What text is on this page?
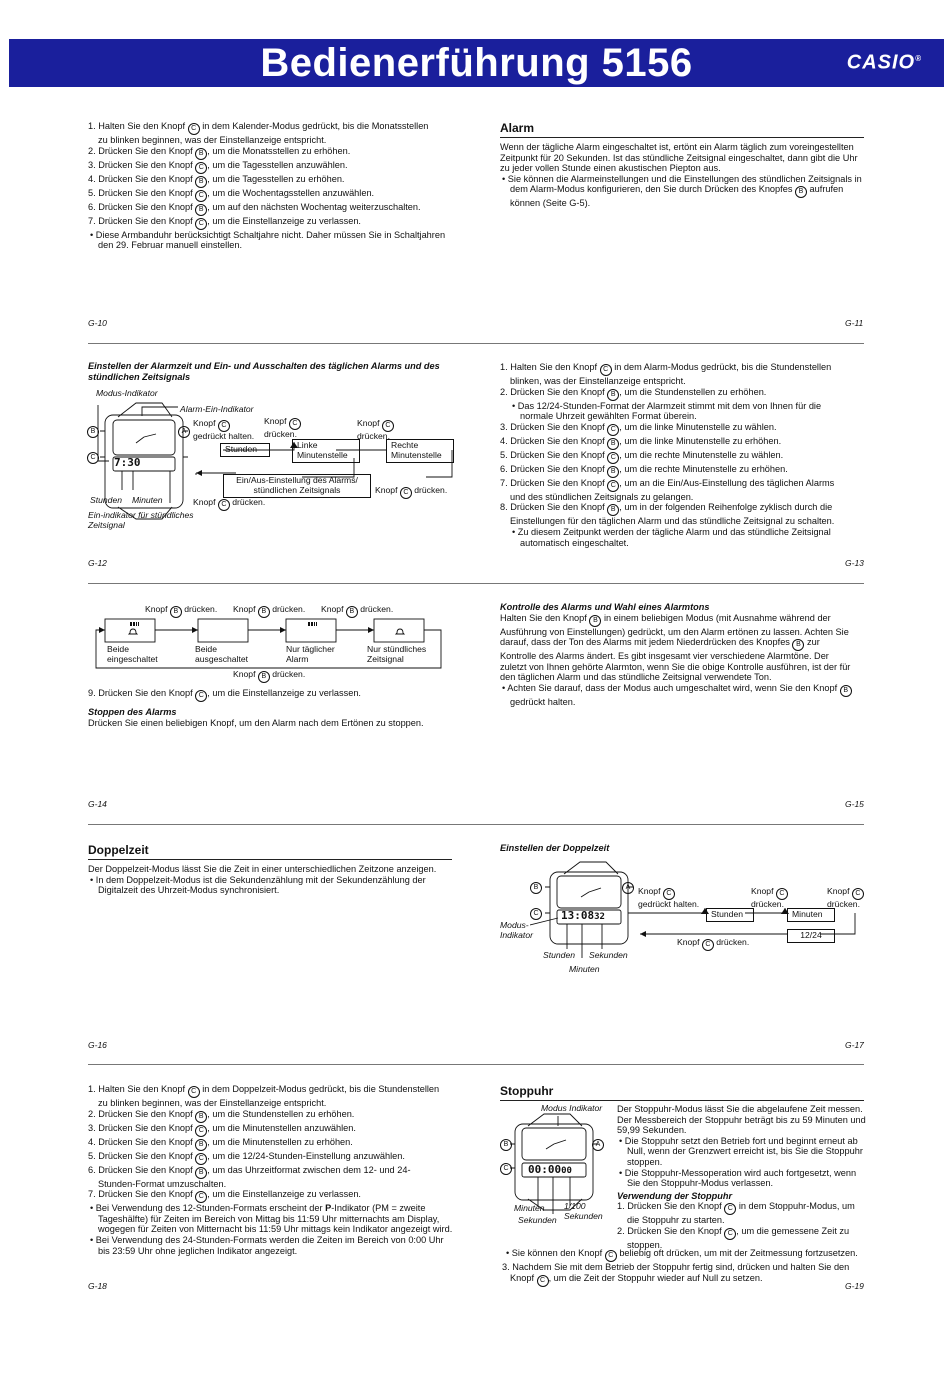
Bedienerführung 5156	CASIO®
1. Halten Sie den Knopf C in dem Kalender-Modus gedrückt, bis die Monatsstellen
zu blinken beginnen, was der Einstellanzeige entspricht.
2. Drücken Sie den Knopf B , um die Monatsstellen zu erhöhen.
3. Drücken Sie den Knopf C , um die Tagesstellen anzuwählen.
4. Drücken Sie den Knopf B , um die Tagesstellen zu erhöhen.
5. Drücken Sie den Knopf C , um die Wochentagsstellen anzuwählen.
6. Drücken Sie den Knopf B , um auf den nächsten Wochentag weiterzuschalten.
7. Drücken Sie den Knopf C , um die Einstellanzeige zu verlassen.

• Diese Armbanduhr berücksichtigt Schaltjahre nicht. Daher müssen Sie in Schaltjahren den 29. Februar manuell einstellen.

G-10
Alarm

Wenn der tägliche Alarm eingeschaltet ist, ertönt ein Alarm täglich zum voreingestellten Zeitpunkt für 20 Sekunden. Ist das stündliche Zeitsignal eingeschaltet, dann gibt die Uhr zu jeder vollen Stunde einen akustischen Piepton aus.

• Sie können die Alarmeinstellungen und die Einstellungen des stündlichen Zeitsignals in dem Alarm-Modus konfigurieren, den Sie durch Drücken des Knopfes B aufrufen können (Seite G-5).

G-11
Einstellen der Alarmzeit und Ein- und Ausschalten des täglichen Alarms und des stündlichen Zeitsignals
Modus-Indikator
Alarm-Ein-Indikator
B
C
A
7:30
Knopf C
gedrückt halten.
Knopf C
drücken.
Knopf C
drücken.
Stunden	Linke
Minutenstelle
Rechte
Minutenstelle
Ein/Aus-Einstellung des Alarms/
stündlichen Zeitsignals	Knopf C drücken.
Knopf C drücken.
Stunden Minuten
Ein-indikator für stündliches
Zeitsignal
G-12
1. Halten Sie den Knopf C in dem Alarm-Modus gedrückt, bis die Stundenstellen
blinken, was der Einstellanzeige entspricht.
2. Drücken Sie den Knopf B , um die Stundenstellen zu erhöhen.

• Das 12/24-Stunden-Format der Alarmzeit stimmt mit dem von Ihnen für die
normale Uhrzeit gewählten Format überein.

3. Drücken Sie den Knopf C , um die linke Minutenstelle zu wählen.
4. Drücken Sie den Knopf B , um die linke Minutenstelle zu erhöhen.
5. Drücken Sie den Knopf C , um die rechte Minutenstelle zu wählen.
6. Drücken Sie den Knopf B , um die rechte Minutenstelle zu erhöhen.
7. Drücken Sie den Knopf C , um an die Ein/Aus-Einstellung des täglichen Alarms
und des stündlichen Zeitsignals zu gelangen.
8. Drücken Sie den Knopf B , um in der folgenden Reihenfolge zyklisch durch die
Einstellungen für den täglichen Alarm und das stündliche Zeitsignal zu schalten.

• Zu diesem Zeitpunkt werden der tägliche Alarm und das stündliche Zeitsignal
automatisch eingeschaltet.

G-13
Knopf B drücken. Knopf B drücken. Knopf B drücken.
Beide
eingeschaltet
Beide
ausgeschaltet
Nur täglicher
Alarm
Nur stündliches
Zeitsignal
Knopf B drücken.
9. Drücken Sie den Knopf C , um die Einstellanzeige zu verlassen.
Stoppen des Alarms
Drücken Sie einen beliebigen Knopf, um den Alarm nach dem Ertönen zu stoppen.
G-14
Kontrolle des Alarms und Wahl eines Alarmtons

Halten Sie den Knopf B in einem beliebigen Modus (mit Ausnahme während der Ausführung von Einstellungen) gedrückt, um den Alarm ertönen zu lassen. Achten Sie darauf, dass der Ton des Alarms mit jedem Niederdrücken des Knopfes B zur Kontrolle des Alarms ändert. Es gibt insgesamt vier verschiedene Alarmtöne. Der zuletzt von Ihnen gehörte Alarmton, wenn Sie die obige Kontrolle ausführen, ist der für den täglichen Alarm und das stündliche Zeitsignal verwendete Ton.

• Achten Sie darauf, dass der Modus auch umgeschaltet wird, wenn Sie den Knopf B gedrückt halten.

G-15
Doppelzeit

Der Doppelzeit-Modus lässt Sie die Zeit in einer unterschiedlichen Zeitzone anzeigen.

• In dem Doppelzeit-Modus ist die Sekundenzählung mit der Sekundenzählung der Digitalzeit des Uhrzeit-Modus synchronisiert.

G-16
Einstellen der Doppelzeit
B
C
A
13:0832
Knopf C
gedrückt halten.
Knopf C
drücken.
Knopf C
drücken.
Stunden	Minuten
12/24
Knopf C drücken.
Modus-
Indikator
Stunden Sekunden
Minuten
G-17
1. Halten Sie den Knopf C in dem Doppelzeit-Modus gedrückt, bis die Stundenstellen
zu blinken beginnen, was der Einstellanzeige entspricht.
2. Drücken Sie den Knopf B , um die Stundenstellen zu erhöhen.
3. Drücken Sie den Knopf C , um die Minutenstellen anzuwählen.
4. Drücken Sie den Knopf B , um die Minutenstellen zu erhöhen.
5. Drücken Sie den Knopf C , um die 12/24-Stunden-Einstellung anzuwählen.
6. Drücken Sie den Knopf B , um das Uhrzeitformat zwischen dem 12- und 24-
Stunden-Format umzuschalten.
7. Drücken Sie den Knopf C , um die Einstellanzeige zu verlassen.

• Bei Verwendung des 12-Stunden-Formats erscheint der P-Indikator (PM = zweite Tageshälfte) für Zeiten im Bereich von Mittag bis 11:59 Uhr mitternachts am Display, wogegen für Zeiten von Mitternacht bis 11:59 Uhr mittags kein Indikator angezeigt wird.

• Bei Verwendung des 24-Stunden-Formats werden die Zeiten im Bereich von 0:00 Uhr bis 23:59 Uhr ohne jeglichen Indikator angezeigt.

G-18
Stoppuhr
B
C
A
00:0000
Modus Indikator
Minuten 1/100
Sekunden
Sekunden

Der Stoppuhr-Modus lässt Sie die abgelaufene Zeit messen. Der Messbereich der Stoppuhr beträgt bis zu 59 Minuten und 59,99 Sekunden.

• Die Stoppuhr setzt den Betrieb fort und beginnt erneut ab Null, wenn der Grenzwert erreicht ist, bis Sie die Stoppuhr stoppen.

• Die Stoppuhr-Messoperation wird auch fortgesetzt, wenn Sie den Stoppuhr-Modus verlassen.

Verwendung der Stoppuhr
1. Drücken Sie den Knopf C in dem Stoppuhr-Modus, um die Stoppuhr zu starten.
2. Drücken Sie den Knopf C , um die gemessene Zeit zu stoppen.

• Sie können den Knopf C beliebig oft drücken, um mit der Zeitmessung fortzusetzen.

3. Nachdem Sie mit dem Betrieb der Stoppuhr fertig sind, drücken und halten Sie den Knopf C , um die Zeit der Stoppuhr wieder auf Null zu setzen.

G-19
